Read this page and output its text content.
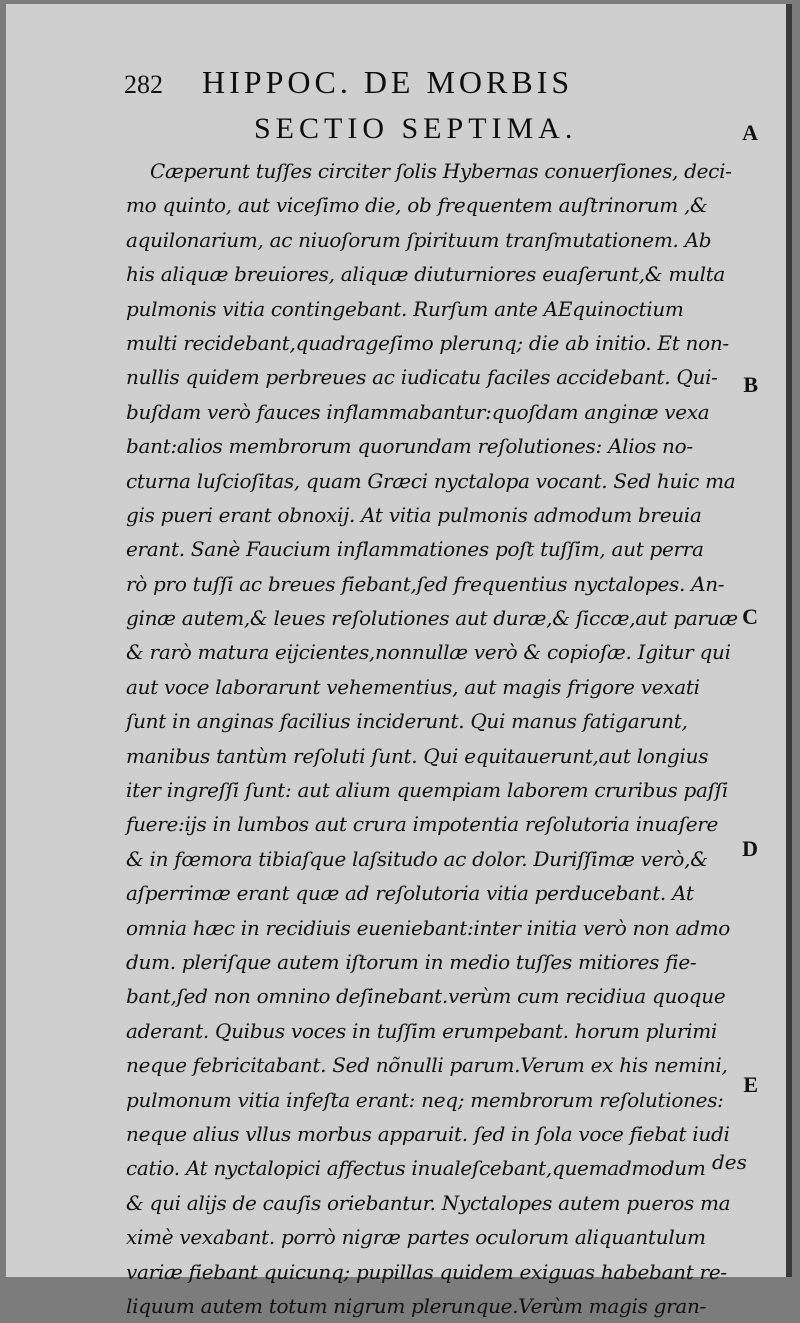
282 HIPPOC. DE MORBIS
SECTIO SEPTIMA.	A
B
C
D
E
Cæperunt tuſſes circiter ſolis Hybernas conuerſiones, deci-
mo quinto, aut viceſimo die, ob frequentem auſtrinorum ,&
aquilonarium, ac niuoſorum ſpirituum tranſmutationem. Ab
his aliquæ breuiores, aliquæ diuturniores euaſerunt,& multa
pulmonis vitia contingebant. Rurſum ante AEquinoctium
multi recidebant,quadrageſimo plerunq; die ab initio. Et non-
nullis quidem perbreues ac iudicatu faciles accidebant. Qui-
buſdam verò fauces inflammabantur:quoſdam anginæ vexa
bant:alios membrorum quorundam reſolutiones: Alios no-
cturna luſcioſitas, quam Græci nyctalopa vocant. Sed huic ma
gis pueri erant obnoxij. At vitia pulmonis admodum breuia
erant. Sanè Faucium inflammationes poſt tuſſim, aut perra
rò pro tuſſi ac breues fiebant,ſed frequentius nyctalopes. An-
ginæ autem,& leues reſolutiones aut duræ,& ſiccæ,aut paruæ
& rarò matura eijcientes,nonnullæ verò & copioſæ. Igitur qui
aut voce laborarunt vehementius, aut magis frigore vexati
ſunt in anginas facilius inciderunt. Qui manus fatigarunt,
manibus tantùm reſoluti ſunt. Qui equitauerunt,aut longius
iter ingreſſi ſunt: aut alium quempiam laborem cruribus paſſi
fuere:ijs in lumbos aut crura impotentia reſolutoria inuaſere
& in fœmora tibiaſque laſsitudo ac dolor. Duriſſimæ verò,&
aſperrimæ erant quæ ad reſolutoria vitia perducebant. At
omnia hæc in recidiuis eueniebant:inter initia verò non admo
dum. pleriſque autem iſtorum in medio tuſſes mitiores fie-
bant,ſed non omnino deſinebant.verùm cum recidiua quoque
aderant. Quibus voces in tuſſim erumpebant. horum plurimi
neque febricitabant. Sed nõnulli parum.Verum ex his nemini,
pulmonum vitia infeſta erant: neq; membrorum reſolutiones:
neque alius vllus morbus apparuit. ſed in ſola voce fiebat iudi
catio. At nyctalopici affectus inualeſcebant,quemadmodum
& qui alijs de cauſis oriebantur. Nyctalopes autem pueros ma
ximè vexabant. porrò nigræ partes oculorum aliquantulum
variæ fiebant quicunq; pupillas quidem exiguas habebant re-
liquum autem totum nigrum plerunque.Verùm magis gran-
des
